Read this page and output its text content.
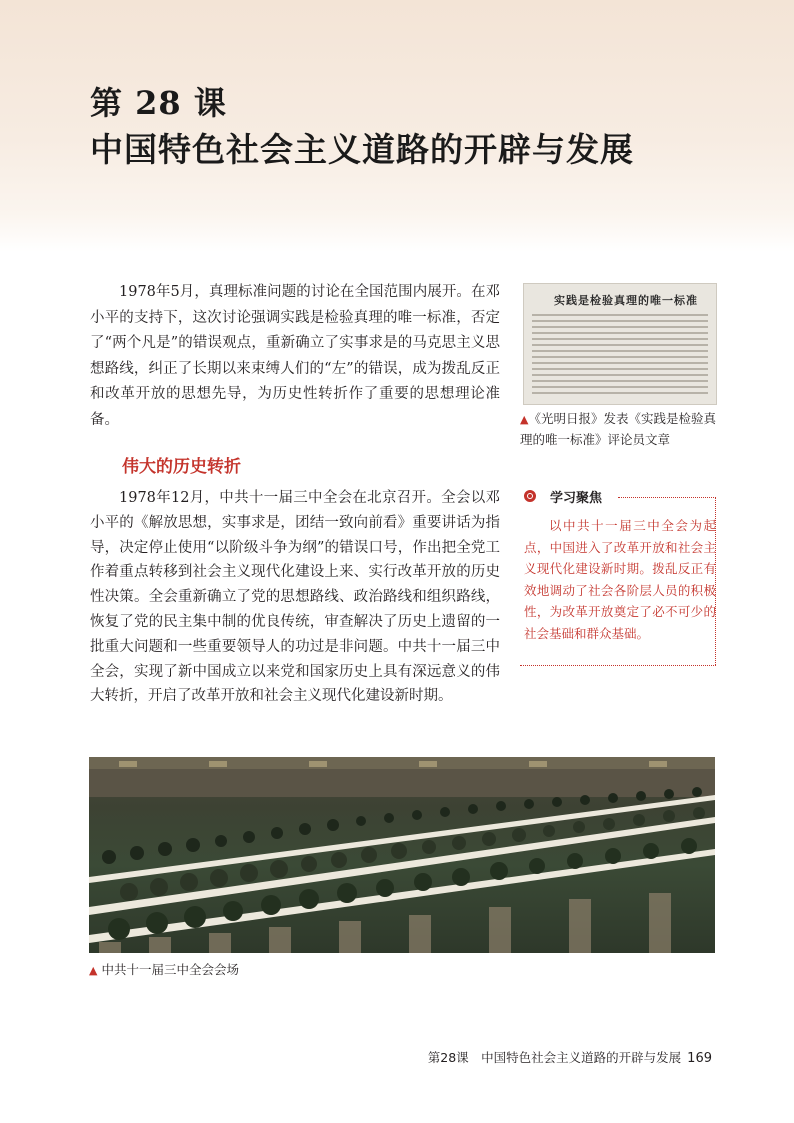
第 28 课
中国特色社会主义道路的开辟与发展

1978年5月，真理标准问题的讨论在全国范围内展开。在邓小平的支持下，这次讨论强调实践是检验真理的唯一标准，否定了“两个凡是”的错误观点，重新确立了实事求是的马克思主义思想路线，纠正了长期以来束缚人们的“左”的错误，成为拨乱反正和改革开放的思想先导，为历史性转折作了重要的思想理论准备。

实践是检验真理的唯一标准
▲《光明日报》发表《实践是检验真理的唯一标准》评论员文章
伟大的历史转折

1978年12月，中共十一届三中全会在北京召开。全会以邓小平的《解放思想，实事求是，团结一致向前看》重要讲话为指导，决定停止使用“以阶级斗争为纲”的错误口号，作出把全党工作着重点转移到社会主义现代化建设上来、实行改革开放的历史性决策。全会重新确立了党的思想路线、政治路线和组织路线，恢复了党的民主集中制的优良传统，审查解决了历史上遗留的一批重大问题和一些重要领导人的功过是非问题。中共十一届三中全会，实现了新中国成立以来党和国家历史上具有深远意义的伟大转折，开启了改革开放和社会主义现代化建设新时期。

学习聚焦

以中共十一届三中全会为起点，中国进入了改革开放和社会主义现代化建设新时期。拨乱反正有效地调动了社会各阶层人员的积极性，为改革开放奠定了必不可少的社会基础和群众基础。

▲ 中共十一届三中全会会场
第28课　中国特色社会主义道路的开辟与发展 169
